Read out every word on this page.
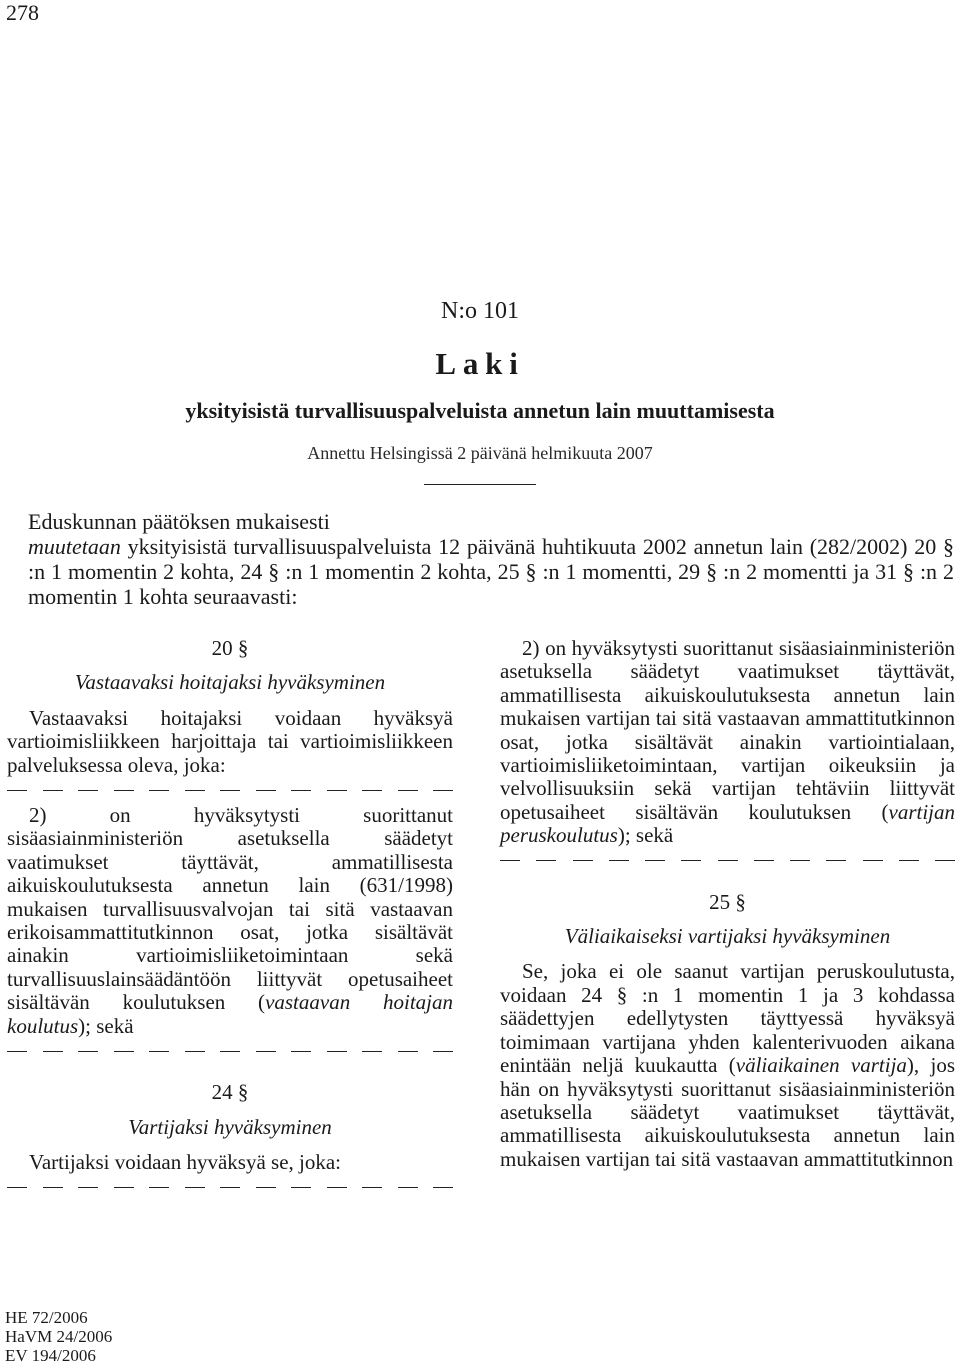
278
N:o 101
Laki
yksityisistä turvallisuuspalveluista annetun lain muuttamisesta
Annettu Helsingissä 2 päivänä helmikuuta 2007

Eduskunnan päätöksen mukaisesti

muutetaan yksityisistä turvallisuuspalveluista 12 päivänä huhtikuuta 2002 annetun lain (282/2002) 20 § :n 1 momentin 2 kohta, 24 § :n 1 momentin 2 kohta, 25 § :n 1 momentti, 29 § :n 2 momentti ja 31 § :n 2 momentin 1 kohta seuraavasti:

20 §

Vastaavaksi hoitajaksi hyväksyminen

Vastaavaksi hoitajaksi voidaan hyväksyä vartioimisliikkeen harjoittaja tai vartioimisliikkeen palveluksessa oleva, joka:

2) on hyväksytysti suorittanut sisäasiainministeriön asetuksella säädetyt vaatimukset täyttävät, ammatillisesta aikuiskoulutuksesta annetun lain (631/1998) mukaisen turvallisuusvalvojan tai sitä vastaavan erikoisammattitutkinnon osat, jotka sisältävät ainakin vartioimisliiketoimintaan sekä turvallisuuslainsäädäntöön liittyvät opetusaiheet sisältävän koulutuksen (vastaavan hoitajan koulutus); sekä

24 §

Vartijaksi hyväksyminen

Vartijaksi voidaan hyväksyä se, joka:

2) on hyväksytysti suorittanut sisäasiainministeriön asetuksella säädetyt vaatimukset täyttävät, ammatillisesta aikuiskoulutuksesta annetun lain mukaisen vartijan tai sitä vastaavan ammattitutkinnon osat, jotka sisältävät ainakin vartiointialaan, vartioimisliiketoimintaan, vartijan oikeuksiin ja velvollisuuksiin sekä vartijan tehtäviin liittyvät opetusaiheet sisältävän koulutuksen (vartijan peruskoulutus); sekä

25 §

Väliaikaiseksi vartijaksi hyväksyminen

Se, joka ei ole saanut vartijan peruskoulutusta, voidaan 24 § :n 1 momentin 1 ja 3 kohdassa säädettyjen edellytysten täyttyessä hyväksyä toimimaan vartijana yhden kalenterivuoden aikana enintään neljä kuukautta (väliaikainen vartija), jos hän on hyväksytysti suorittanut sisäasiainministeriön asetuksella säädetyt vaatimukset täyttävät, ammatillisesta aikuiskoulutuksesta annetun lain mukaisen vartijan tai sitä vastaavan ammattitutkinnon

HE 72/2006
HaVM 24/2006
EV 194/2006
